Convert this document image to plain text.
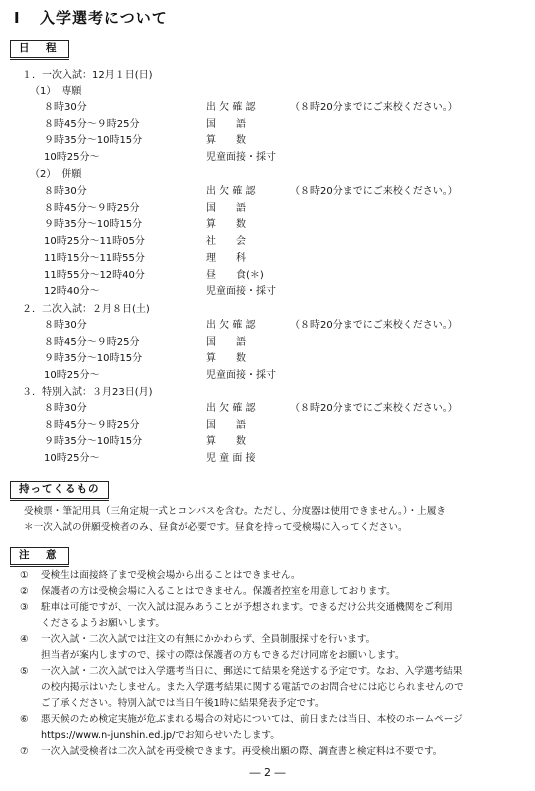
Ⅰ 入学選考について
日　程
１．一次入試：12月１日(日)
（1）　専願
８時30分	出 欠 確 認	（８時20分までにご来校ください。）
８時45分～９時25分	国　　語
９時35分～10時15分	算　　数
10時25分～	児童面接・採寸
（2）　併願
８時30分	出 欠 確 認	（８時20分までにご来校ください。）
８時45分～９時25分	国　　語
９時35分～10時15分	算　　数
10時25分～11時05分	社　　会
11時15分～11時55分	理　　科
11時55分～12時40分	昼　　食(＊)
12時40分～	児童面接・採寸
２．二次入試：２月８日(土)
８時30分	出 欠 確 認	（８時20分までにご来校ください。）
８時45分～９時25分	国　　語
９時35分～10時15分	算　　数
10時25分～	児童面接・採寸
３．特別入試：３月23日(月)
８時30分	出 欠 確 認	（８時20分までにご来校ください。）
８時45分～９時25分	国　　語
９時35分～10時15分	算　　数
10時25分～	児 童 面 接
持ってくるもの
受検票・筆記用具（三角定規一式とコンパスを含む。ただし、分度器は使用できません。）・上履き
＊一次入試の併願受検者のみ、昼食が必要です。昼食を持って受検場に入ってください。
注　意
① 受検生は面接終了まで受検会場から出ることはできません。
② 保護者の方は受検会場に入ることはできません。保護者控室を用意しております。
③ 駐車は可能ですが、一次入試は混みあうことが予想されます。できるだけ公共交通機関をご利用
くださるようお願いします。
④ 一次入試・二次入試では注文の有無にかかわらず、全員制服採寸を行います。
担当者が案内しますので、採寸の際は保護者の方もできるだけ同席をお願いします。
⑤ 一次入試・二次入試では入学選考当日に、郵送にて結果を発送する予定です。なお、入学選考結果
の校内掲示はいたしません。また入学選考結果に関する電話でのお問合せには応じられませんので
ご了承ください。特別入試では当日午後1時に結果発表予定です。
⑥ 悪天候のため検定実施が危ぶまれる場合の対応については、前日または当日、本校のホームページ
https://www.n-junshin.ed.jp/でお知らせいたします。
⑦ 一次入試受検者は二次入試を再受検できます。再受検出願の際、調査書と検定料は不要です。
― 2 ―
